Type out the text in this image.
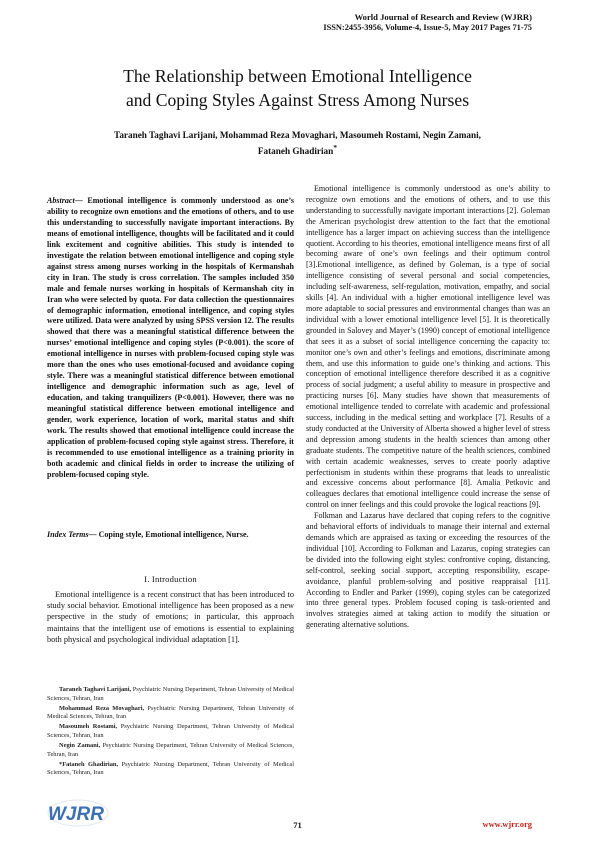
World Journal of Research and Review (WJRR)
ISSN:2455-3956, Volume-4, Issue-5, May 2017 Pages 71-75
The Relationship between Emotional Intelligence
and Coping Styles Against Stress Among Nurses
Taraneh Taghavi Larijani, Mohammad Reza Movaghari, Masoumeh Rostami, Negin Zamani,
Fataneh Ghadirian*
Abstract— Emotional intelligence is commonly understood as one’s ability to recognize own emotions and the emotions of others, and to use this understanding to successfully navigate important interactions. By means of emotional intelligence, thoughts will be facilitated and it could link excitement and cognitive abilities. This study is intended to investigate the relation between emotional intelligence and coping style against stress among nurses working in the hospitals of Kermanshah city in Iran. The study is cross correlation. The samples included 350 male and female nurses working in hospitals of Kermanshah city in Iran who were selected by quota. For data collection the questionnaires of demographic information, emotional intelligence, and coping styles were utilized. Data were analyzed by using SPSS version 12. The results showed that there was a meaningful statistical difference between the nurses’ emotional intelligence and coping styles (P<0.001). the score of emotional intelligence in nurses with problem-focused coping style was more than the ones who uses emotional-focused and avoidance coping style. There was a meaningful statistical difference between emotional intelligence and demographic information such as age, level of education, and taking tranquilizers (P<0.001). However, there was no meaningful statistical difference between emotional intelligence and gender, work experience, location of work, marital status and shift work. The results showed that emotional intelligence could increase the application of problem-focused coping style against stress. Therefore, it is recommended to use emotional intelligence as a training priority in both academic and clinical fields in order to increase the utilizing of problem-focused coping style.
Index Terms— Coping style, Emotional intelligence, Nurse.
I. Introduction
Emotional intelligence is a recent construct that has been introduced to study social behavior. Emotional intelligence has been proposed as a new perspective in the study of emotions; in particular, this approach maintains that the intelligent use of emotions is essential to explaining both physical and psychological individual adaptation [1].

Taraneh Taghavi Larijani, Psychiatric Nursing Department, Tehran University of Medical Sciences, Tehran, Iran

Mohammad Reza Movaghari, Psychiatric Nursing Department, Tehran University of Medical Sciences, Tehran, Iran

Masoumeh Rostami, Psychiatric Nursing Department, Tehran University of Medical Sciences, Tehran, Iran

Negin Zamani, Psychiatric Nursing Department, Tehran University of Medical Sciences, Tehran, Iran

*Fataneh Ghadirian, Psychiatric Nursing Department, Tehran University of Medical Sciences, Tehran, Iran

Emotional intelligence is commonly understood as one’s ability to recognize own emotions and the emotions of others, and to use this understanding to successfully navigate important interactions [2]. Goleman the American psychologist drew attention to the fact that the emotional intelligence has a larger impact on achieving success than the intelligence quotient. According to his theories, emotional intelligence means first of all becoming aware of one’s own feelings and their optimum control [3].Emotional intelligence, as defined by Goleman, is a type of social intelligence consisting of several personal and social competencies, including self-awareness, self-regulation, motivation, empathy, and social skills [4]. An individual with a higher emotional intelligence level was more adaptable to social pressures and environmental changes than was an individual with a lower emotional intelligence level [5]. It is theoretically grounded in Salovey and Mayer’s (1990) concept of emotional intelligence that sees it as a subset of social intelligence concerning the capacity to: monitor one’s own and other’s feelings and emotions, discriminate among them, and use this information to guide one’s thinking and actions. This conception of emotional intelligence therefore described it as a cognitive process of social judgment; a useful ability to measure in prospective and practicing nurses [6]. Many studies have shown that measurements of emotional intelligence tended to correlate with academic and professional success, including in the medical setting and workplace [7]. Results of a study conducted at the University of Alberta showed a higher level of stress and depression among students in the health sciences than among other graduate students. The competitive nature of the health sciences, combined with certain academic weaknesses, serves to create poorly adaptive perfectionism in students within these programs that leads to unrealistic and excessive concerns about performance [8]. Amalia Petkovic and colleagues declares that emotional intelligence could increase the sense of control on inner feelings and this could provoke the logical reactions [9].

Folkman and Lazarus have declared that coping refers to the cognitive and behavioral efforts of individuals to manage their internal and external demands which are appraised as taxing or exceeding the resources of the individual [10]. According to Folkman and Lazarus, coping strategies can be divided into the following eight styles: confrontive coping, distancing, self-control, seeking social support, accepting responsibility, escape-avoidance, planful problem-solving and positive reappraisal [11]. According to Endler and Parker (1999), coping styles can be categorized into three general types. Problem focused coping is task-oriented and involves strategies aimed at taking action to modify the situation or generating alternative solutions.

WJRR	71	www.wjrr.org
